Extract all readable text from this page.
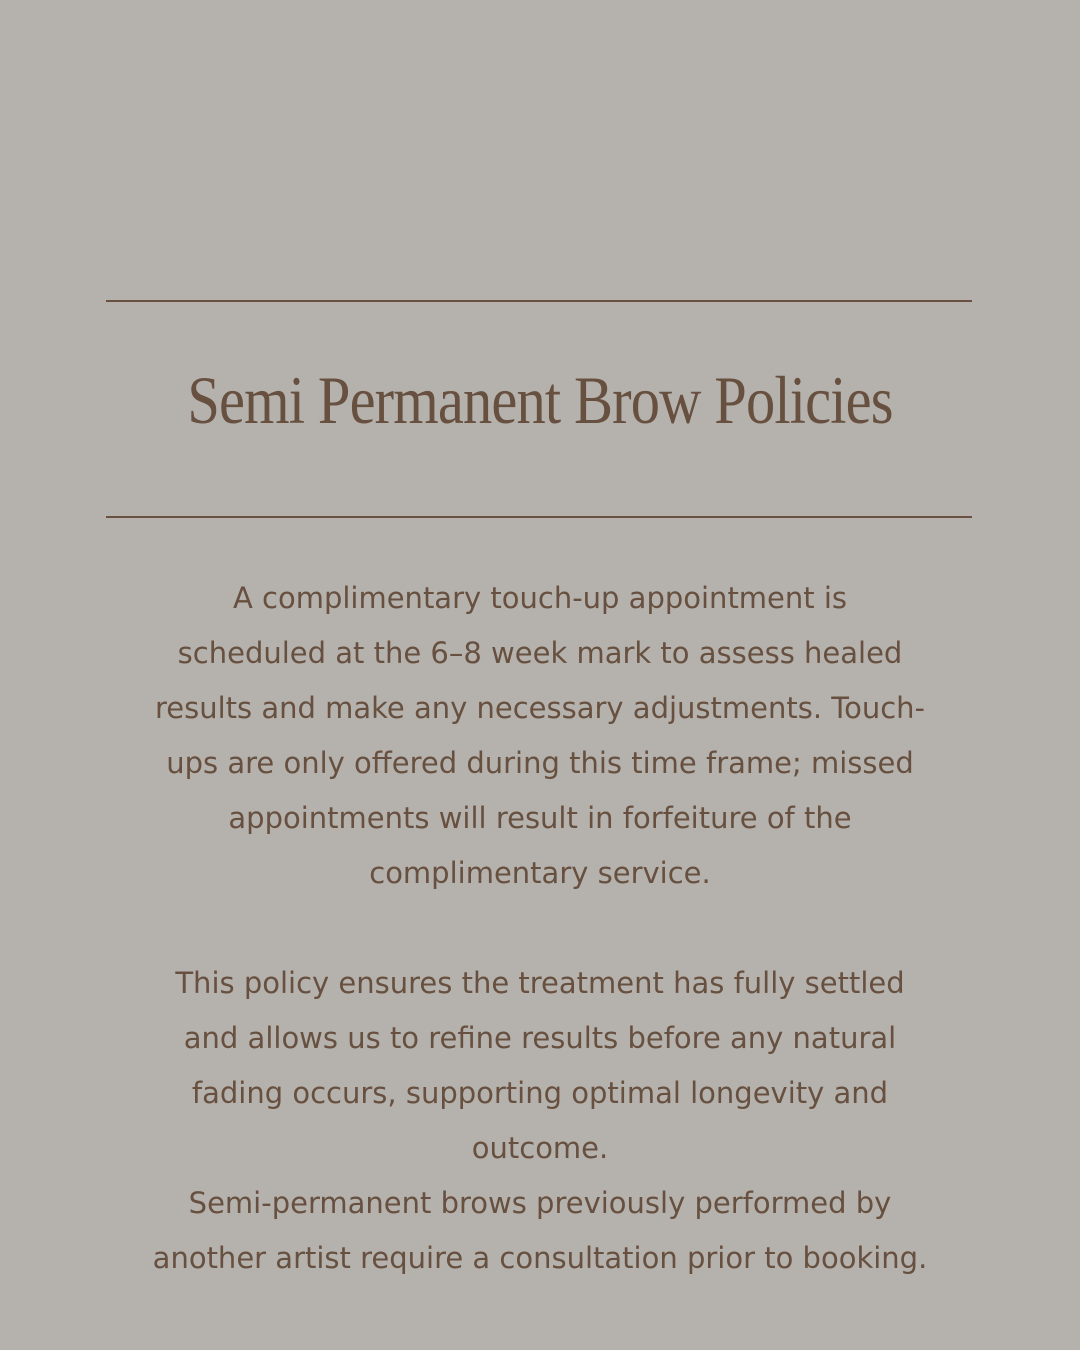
Semi Permanent Brow Policies
A complimentary touch-up appointment is
scheduled at the 6–8 week mark to assess healed
results and make any necessary adjustments. Touch-
ups are only offered during this time frame; missed
appointments will result in forfeiture of the
complimentary service.
This policy ensures the treatment has fully settled
and allows us to refine results before any natural
fading occurs, supporting optimal longevity and
outcome.
Semi-permanent brows previously performed by
another artist require a consultation prior to booking.
